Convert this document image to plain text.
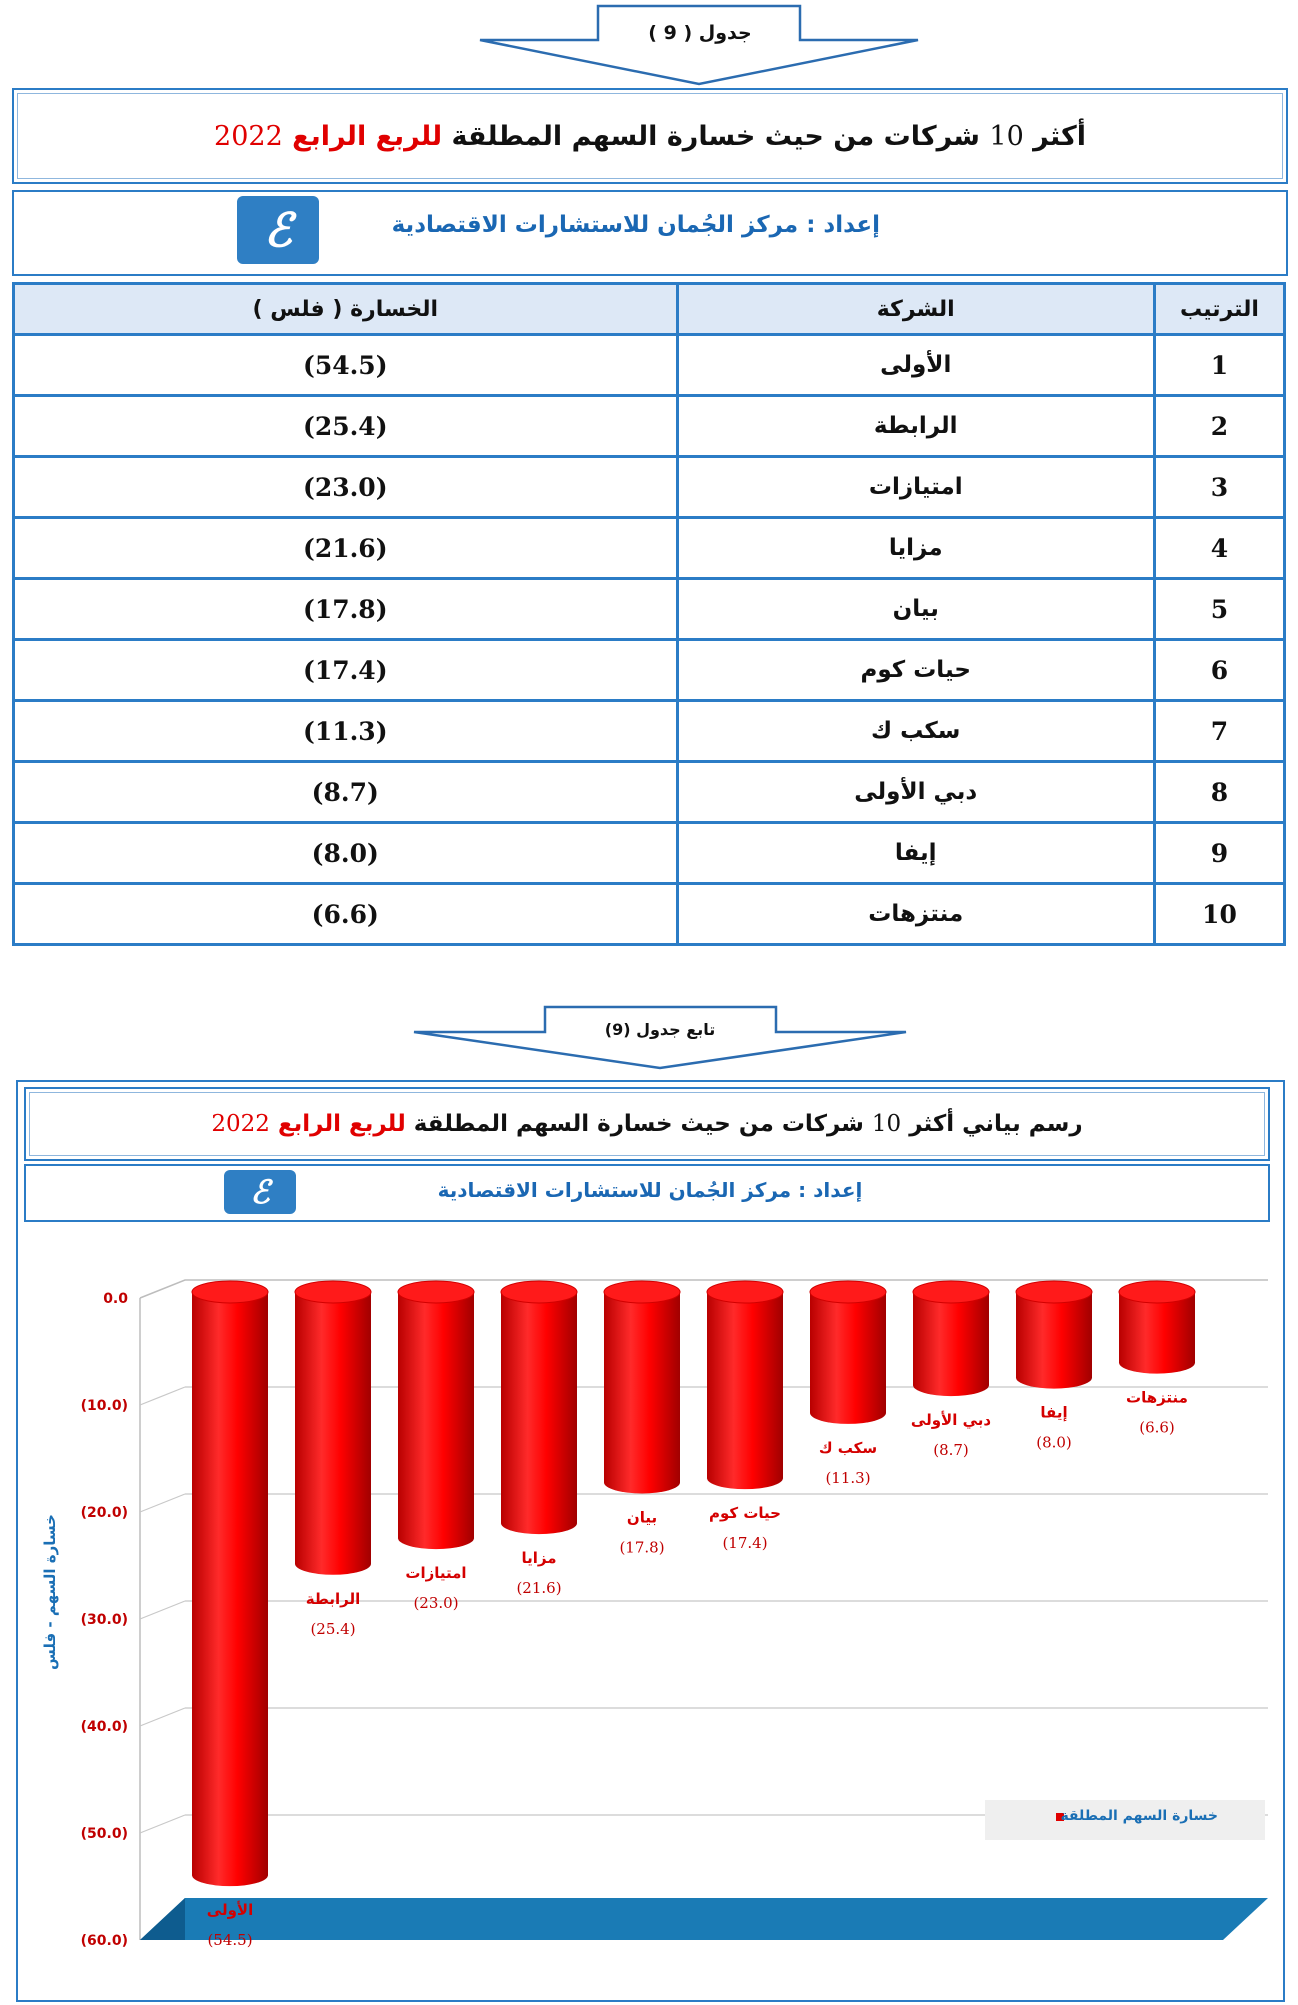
جدول ( 9 )
أكثر 10 شركات من حيث خسارة السهم المطلقة للربع الرابع 2022
إعداد : مركز الجُمان للاستشارات الاقتصادية
ℰ
الترتيب	الشركة	الخسارة ( فلس )
1	الأولى	(54.5)
2	الرابطة	(25.4)
3	امتيازات	(23.0)
4	مزايا	(21.6)
5	بيان	(17.8)
6	حيات كوم	(17.4)
7	سكب ك	(11.3)
8	دبي الأولى	(8.7)
9	إيفا	(8.0)
10	منتزهات	(6.6)
تابع جدول (9)
رسم بياني أكثر 10 شركات من حيث خسارة السهم المطلقة للربع الرابع 2022
إعداد : مركز الجُمان للاستشارات الاقتصادية
ℰ
الأولى
(54.5)
الرابطة
(25.4)
امتيازات
(23.0)
مزايا
(21.6)
بيان
(17.8)
حيات كوم
(17.4)
سكب ك
(11.3)
دبي الأولى
(8.7)
إيفا
(8.0)
منتزهات
(6.6)
0.0
(10.0)
(20.0)
(30.0)
(40.0)
(50.0)
(60.0)
خسارة السهم المطلقة
خسارة السهم - فلس
